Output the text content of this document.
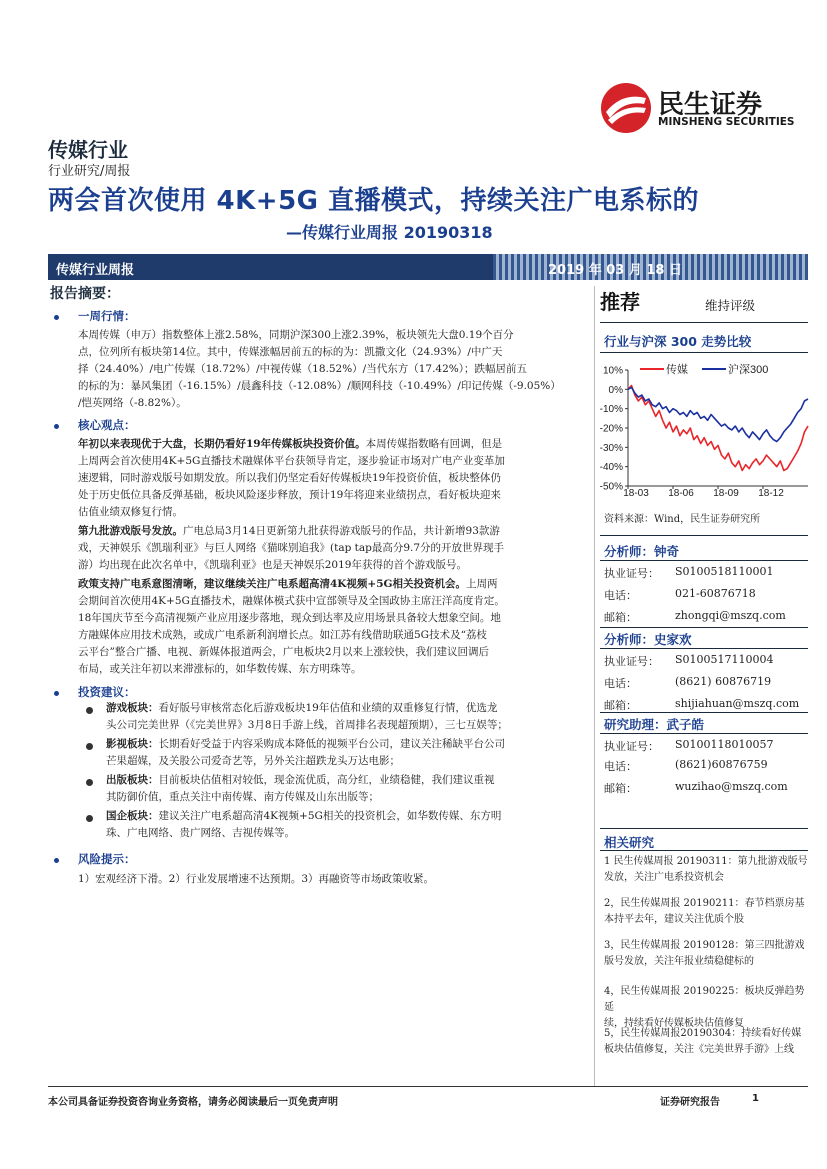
民生证券
MINSHENG SECURITIES
传媒行业
行业研究/周报
两会首次使用 4K+5G 直播模式，持续关注广电系标的
—传媒行业周报 20190318
传媒行业周报	2019 年 03 月 18 日
报告摘要：
一周行情：
本周传媒（申万）指数整体上涨2.58%，同期沪深300上涨2.39%，板块领先大盘0.19个百分
点，位列所有板块第14位。其中，传媒涨幅居前五的标的为：凯撒文化（24.93%）/中广天
择（24.40%）/电广传媒（18.72%）/中视传媒（18.52%）/当代东方（17.42%）；跌幅居前五
的标的为：暴风集团（-16.15%）/晨鑫科技（-12.08%）/顺网科技（-10.49%）/印记传媒（-9.05%）
/恺英网络（-8.82%）。
核心观点：
年初以来表现优于大盘，长期仍看好19年传媒板块投资价值。本周传媒指数略有回调，但是
上周两会首次使用4K+5G直播技术融媒体平台获领导肯定，逐步验证市场对广电产业变革加
速逻辑，同时游戏版号如期发放。所以我们仍坚定看好传媒板块19年投资价值，板块整体仍
处于历史低位具备反弹基础，板块风险逐步释放，预计19年将迎来业绩拐点，看好板块迎来
估值业绩双修复行情。
第九批游戏版号发放。广电总局3月14日更新第九批获得游戏版号的作品，共计新增93款游
戏，天神娱乐《凯瑞利亚》与巨人网络《猫咪别追我》(tap tap最高分9.7分的开放世界现手
游）均出现在此次名单中，《凯瑞利亚》也是天神娱乐2019年获得的首个游戏版号。
政策支持广电系意图清晰，建议继续关注广电系超高清4K视频+5G相关投资机会。上周两
会期间首次使用4K+5G直播技术，融媒体模式获中宣部领导及全国政协主席汪洋高度肯定。
18年国庆节至今高清视频产业应用逐步落地，现众到达率及应用场景具备较大想象空间。地
方融媒体应用技术成熟，或成广电系新利润增长点。如江苏有线借助联通5G技术及“荔枝
云平台”整合广播、电视、新媒体报道两会，广电板块2月以来上涨较快，我们建议回调后
布局，或关注年初以来滞涨标的，如华数传媒、东方明珠等。
投资建议：
游戏板块：看好版号审核常态化后游戏板块19年估值和业绩的双重修复行情，优选龙
头公司完美世界（《完美世界》3月8日手游上线，首周排名表现超预期），三七互娱等；
影视板块：长期看好受益于内容采购成本降低的视频平台公司，建议关注稀缺平台公司
芒果超媒，及关股公司爱奇艺等，另外关注超跌龙头万达电影；
出版板块：目前板块估值相对较低，现金流优质，高分红，业绩稳健，我们建议重视
其防御价值，重点关注中南传媒、南方传媒及山东出版等；
国企板块：建议关注广电系超高清4K视频+5G相关的投资机会，如华数传媒、东方明
珠、广电网络、贵广网络、吉视传媒等。
风险提示：
1）宏观经济下滑。2）行业发展增速不达预期。3）再融资等市场政策收紧。
推荐	维持评级
行业与沪深 300 走势比较
10%
0%
-10%
-20%
-30%
-40%
-50%
18-03 18-06 18-09 18-12
传媒	沪深300
资料来源：Wind，民生证券研究所
分析师：钟奇
执业证号： S0100518110001
电话：	021-60876718
邮箱：	zhongqi@mszq.com
分析师：史家欢
执业证号： S0100517110004
电话：	(8621) 60876719
邮箱：	shijiahuan@mszq.com
研究助理：武子皓
执业证号： S0100118010057
电话：	(8621)60876759
邮箱：	wuzihao@mszq.com
相关研究
1 民生传媒周报 20190311：第九批游戏版号
发放，关注广电系投资机会
2，民生传媒周报 20190211：春节档票房基
本持平去年，建议关注优质个股
3，民生传媒周报 20190128：第三四批游戏
版号发放，关注年报业绩稳健标的
4，民生传媒周报 20190225：板块反弹趋势延
续，持续看好传媒板块估值修复
5，民生传媒周报20190304：持续看好传媒
板块估值修复，关注《完美世界手游》上线
本公司具备证券投资咨询业务资格，请务必阅读最后一页免责声明	证券研究报告	1
